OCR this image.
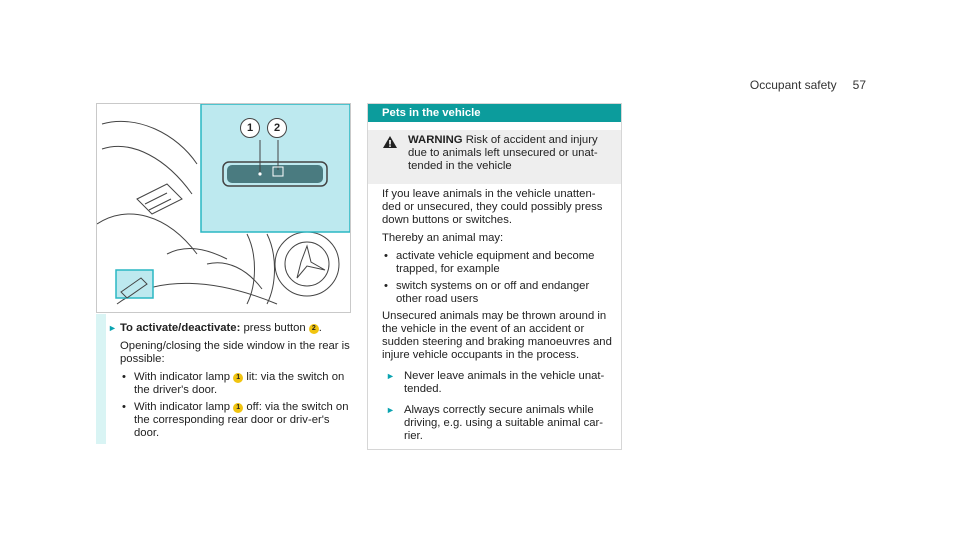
Occupant safety 57
1	2
► To activate/deactivate: press button 2 .
Opening/closing the side window in the rear is possible:
• With indicator lamp 1 lit: via the switch on the driver's door.
• With indicator lamp 1 off: via the switch on the corresponding rear door or driv-er's door.
Pets in the vehicle
WARNING Risk of accident and injury due to animals left unsecured or unat-tended in the vehicle
If you leave animals in the vehicle unatten-ded or unsecured, they could possibly press down buttons or switches.
Thereby an animal may:
• activate vehicle equipment and become trapped, for example
• switch systems on or off and endanger other road users
Unsecured animals may be thrown around in the vehicle in the event of an accident or sudden steering and braking manoeuvres and injure vehicle occupants in the process.
► Never leave animals in the vehicle unat-tended.
► Always correctly secure animals while driving, e.g. using a suitable animal car-rier.
